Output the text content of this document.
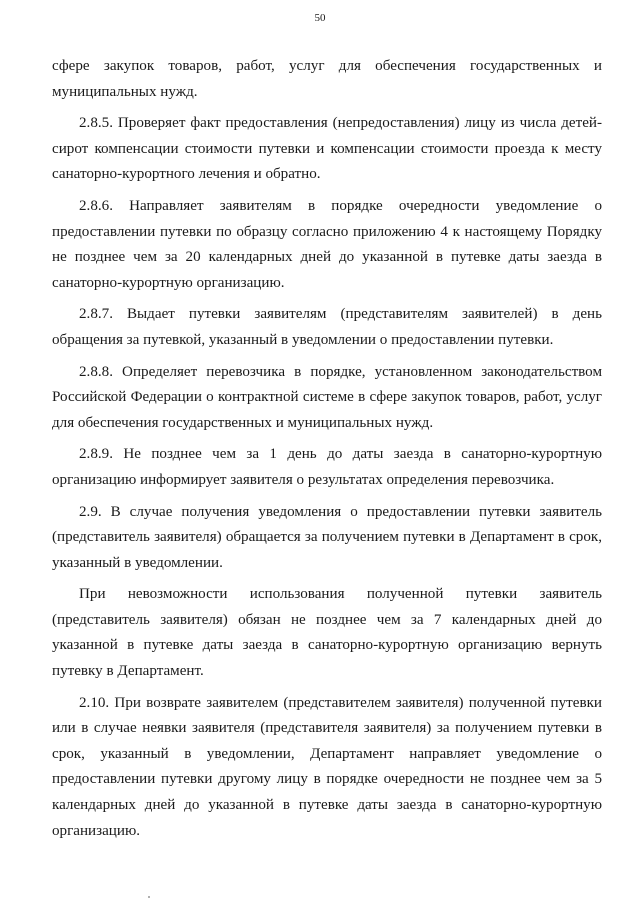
50

сфере закупок товаров, работ, услуг для обеспечения государственных и муниципальных нужд.

2.8.5. Проверяет факт предоставления (непредоставления) лицу из числа детей-сирот компенсации стоимости путевки и компенсации стоимости проезда к месту санаторно-курортного лечения и обратно.

2.8.6. Направляет заявителям в порядке очередности уведомление о предоставлении путевки по образцу согласно приложению 4 к настоящему Порядку не позднее чем за 20 календарных дней до указанной в путевке даты заезда в санаторно-курортную организацию.

2.8.7. Выдает путевки заявителям (представителям заявителей) в день обращения за путевкой, указанный в уведомлении о предоставлении путевки.

2.8.8. Определяет перевозчика в порядке, установленном законодательством Российской Федерации о контрактной системе в сфере закупок товаров, работ, услуг для обеспечения государственных и муниципальных нужд.

2.8.9. Не позднее чем за 1 день до даты заезда в санаторно-курортную организацию информирует заявителя о результатах определения перевозчика.

2.9. В случае получения уведомления о предоставлении путевки заявитель (представитель заявителя) обращается за получением путевки в Департамент в срок, указанный в уведомлении.

При невозможности использования полученной путевки заявитель (представитель заявителя) обязан не позднее чем за 7 календарных дней до указанной в путевке даты заезда в санаторно-курортную организацию вернуть путевку в Департамент.

2.10. При возврате заявителем (представителем заявителя) полученной путевки или в случае неявки заявителя (представителя заявителя) за получением путевки в срок, указанный в уведомлении, Департамент направляет уведомление о предоставлении путевки другому лицу в порядке очередности не позднее чем за 5 календарных дней до указанной в путевке даты заезда в санаторно-курортную организацию.
